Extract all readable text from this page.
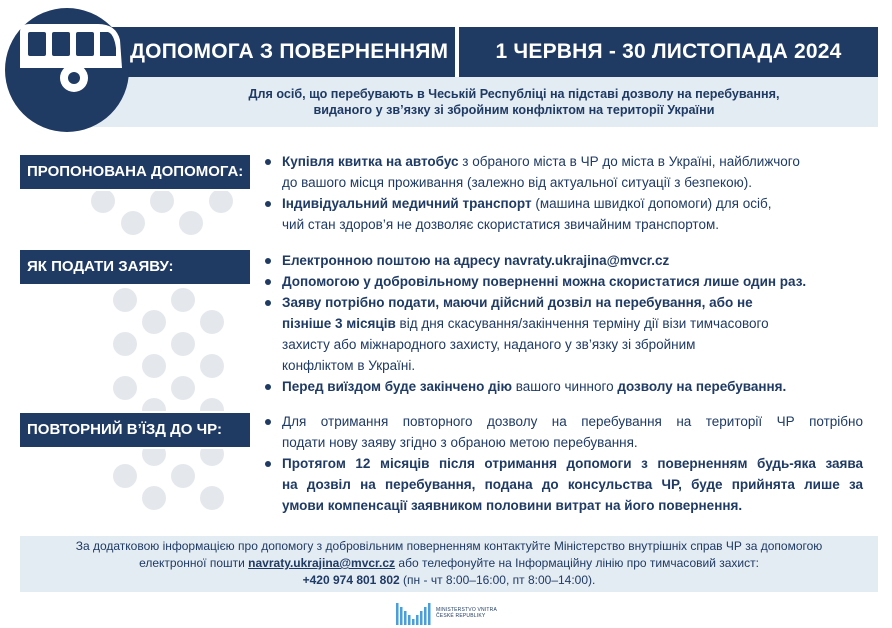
ДОПОМОГА З ПОВЕРНЕННЯМ	1 ЧЕРВНЯ - 30 ЛИСТОПАДА 2024
Для осіб, що перебувають в Чеській Республіці на підставі дозволу на перебування,
виданого у зв’язку зі збройним конфліктом на території України
ПРОПОНОВАНА ДОПОМОГА:
Купівля квитка на автобус з обраного міста в ЧР до міста в Україні, найближчого
до вашого місця проживання (залежно від актуальної ситуації з безпекою).
Індивідуальний медичний транспорт (машина швидкої допомоги) для осіб,
чий стан здоров’я не дозволяє скористатися звичайним транспортом.
ЯК ПОДАТИ ЗАЯВУ:	Електронною поштою на адресу navraty.ukrajina@mvcr.cz
Допомогою у добровільному поверненні можна скористатися лише один раз.
Заяву потрібно подати, маючи дійсний дозвіл на перебування, або не
пізніше 3 місяців від дня скасування/закінчення терміну дії візи тимчасового
захисту або міжнародного захисту, наданого у зв’язку зі збройним
конфліктом в Україні.
Перед виїздом буде закінчено дію вашого чинного дозволу на перебування.
ПОВТОРНИЙ В’ЇЗД ДО ЧР:	Для отримання повторного дозволу на перебування на території ЧР потрібно
подати нову заяву згідно з обраною метою перебування.
Протягом 12 місяців після отримання допомоги з поверненням будь-яка заява
на дозвіл на перебування, подана до консульства ЧР, буде прийнята лише за
умови компенсації заявником половини витрат на його повернення.
За додатковою інформацією про допомогу з добровільним поверненням контактуйте Міністерство внутрішніх справ ЧР за допомогою
електронної пошти navraty.ukrajina@mvcr.cz або телефонуйте на Інформаційну лінію про тимчасовий захист:
+420 974 801 802 (пн - чт 8:00–16:00, пт 8:00–14:00).
MINISTERSTVO VNITRA
ČESKÉ REPUBLIKY
